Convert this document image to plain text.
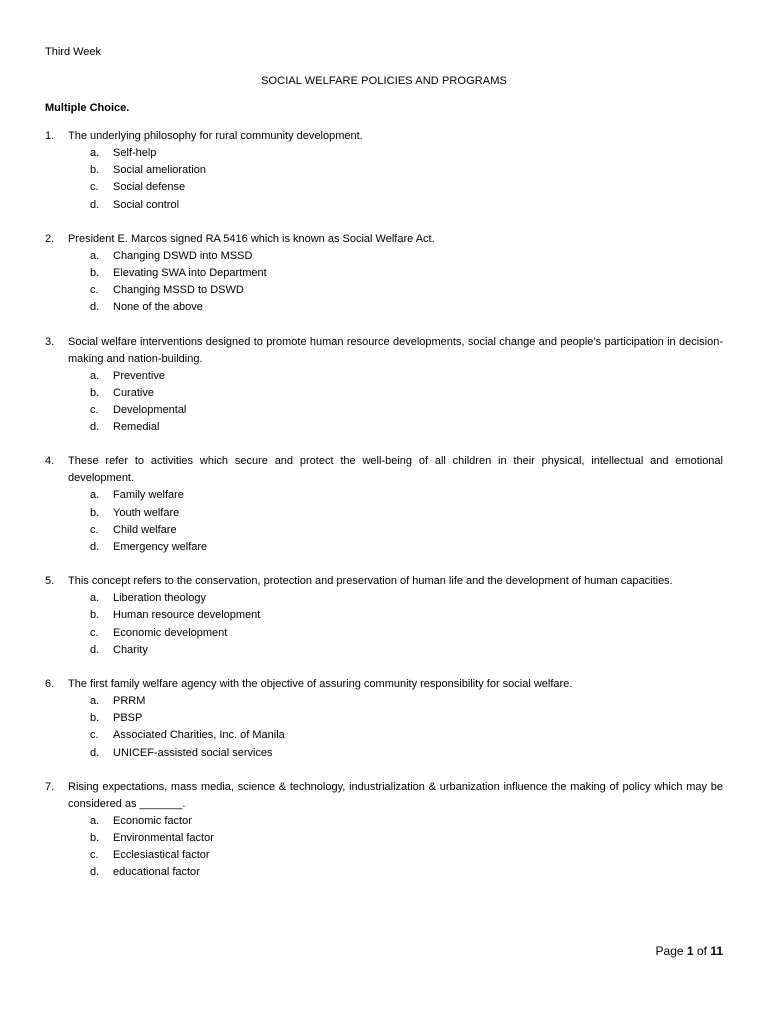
Third Week
SOCIAL WELFARE POLICIES AND PROGRAMS
Multiple Choice.
1. The underlying philosophy for rural community development.
a. Self-help
b. Social amelioration
c. Social defense
d. Social control
2. President E. Marcos signed RA 5416 which is known as Social Welfare Act.
a. Changing DSWD into MSSD
b. Elevating SWA into Department
c. Changing MSSD to DSWD
d. None of the above
3. Social welfare interventions designed to promote human resource developments, social change and people’s participation in decision-making and nation-building.
a. Preventive
b. Curative
c. Developmental
d. Remedial
4. These refer to activities which secure and protect the well-being of all children in their physical, intellectual and emotional development.
a. Family welfare
b. Youth welfare
c. Child welfare
d. Emergency welfare
5. This concept refers to the conservation, protection and preservation of human life and the development of human capacities.
a. Liberation theology
b. Human resource development
c. Economic development
d. Charity
6. The first family welfare agency with the objective of assuring community responsibility for social welfare.
a. PRRM
b. PBSP
c. Associated Charities, Inc. of Manila
d. UNICEF-assisted social services
7. Rising expectations, mass media, science & technology, industrialization & urbanization influence the making of policy which may be considered as _______.
a. Economic factor
b. Environmental factor
c. Ecclesiastical factor
d. educational factor
Page 1 of 11
